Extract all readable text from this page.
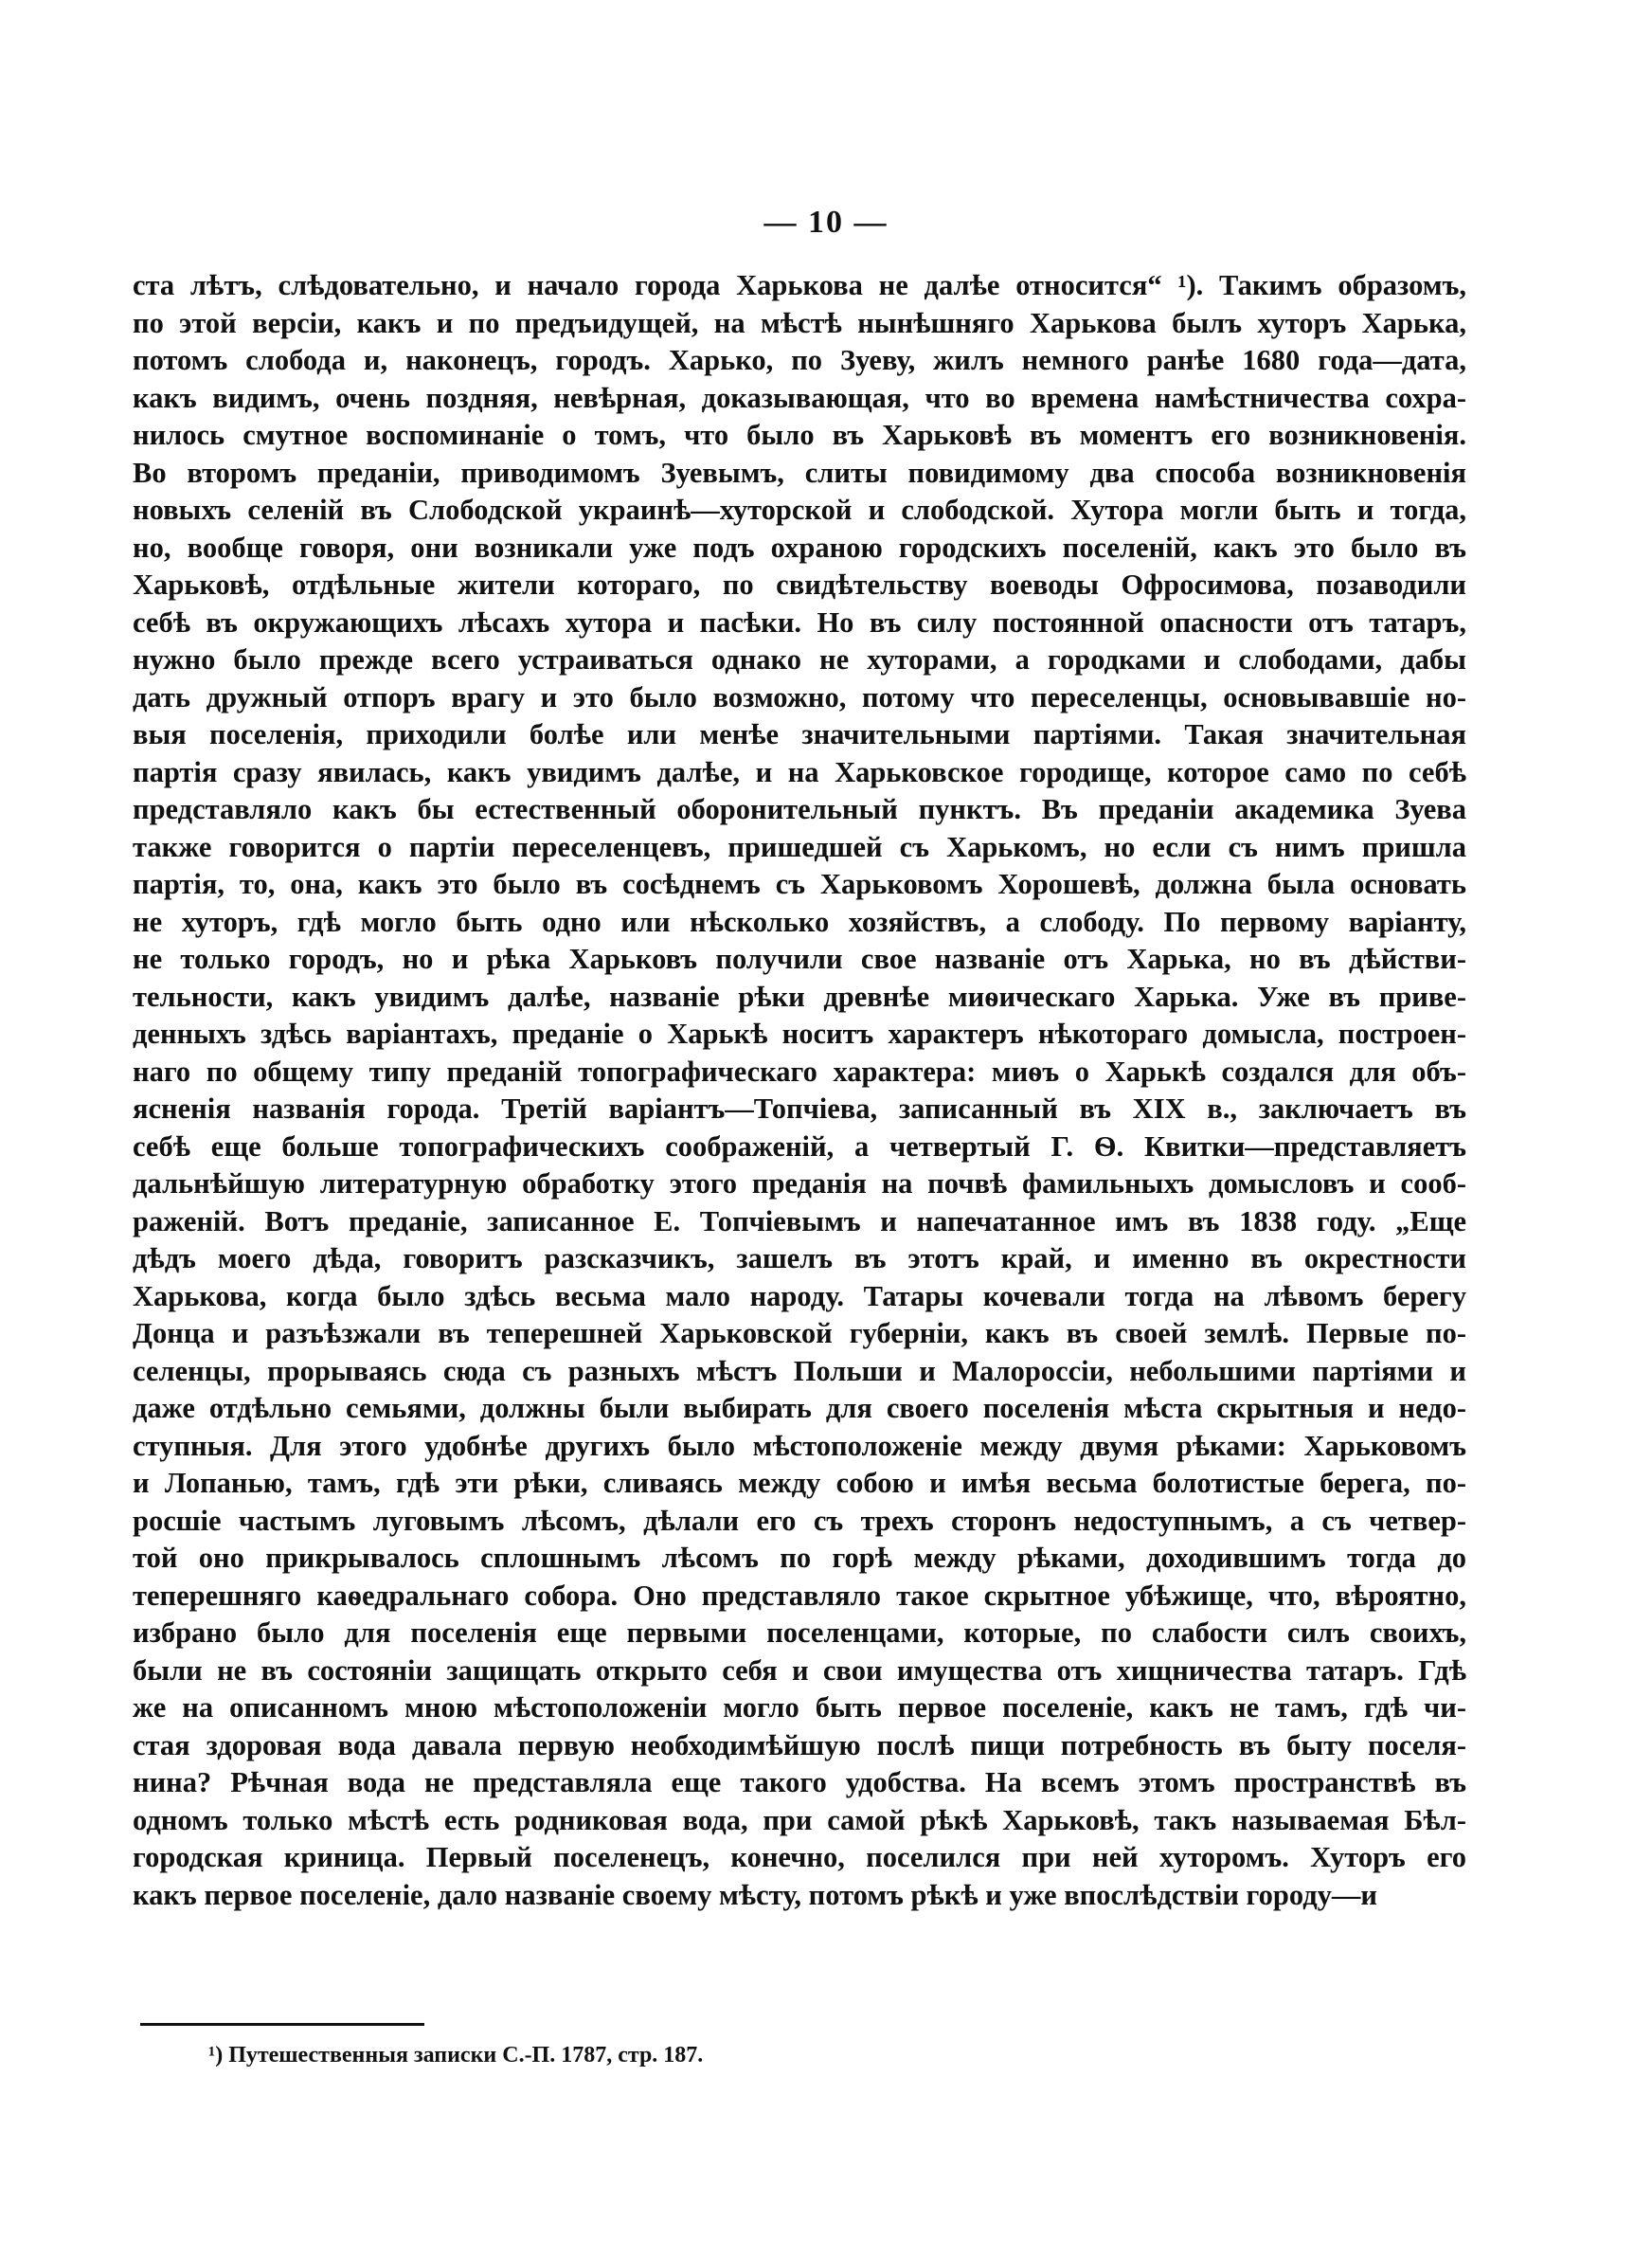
— 10 —
ста лѣтъ, слѣдовательно, и начало города Харькова не далѣе относится“ ¹). Такимъ образомъ,
по этой версіи, какъ и по предъидущей, на мѣстѣ нынѣшняго Харькова былъ хуторъ Харька,
потомъ слобода и, наконецъ, городъ. Харько, по Зуеву, жилъ немного ранѣе 1680 года—дата,
какъ видимъ, очень поздняя, невѣрная, доказывающая, что во времена намѣстничества сохра-
нилось смутное воспоминаніе о томъ, что было въ Харьковѣ въ моментъ его возникновенія.
Во второмъ преданіи, приводимомъ Зуевымъ, слиты повидимому два способа возникновенія
новыхъ селеній въ Слободской украинѣ—хуторской и слободской. Хутора могли быть и тогда,
но, вообще говоря, они возникали уже подъ охраною городскихъ поселеній, какъ это было въ
Харьковѣ, отдѣльные жители котораго, по свидѣтельству воеводы Офросимова, позаводили
себѣ въ окружающихъ лѣсахъ хутора и пасѣки. Но въ силу постоянной опасности отъ татаръ,
нужно было прежде всего устраиваться однако не хуторами, а городками и слободами, дабы
дать дружный отпоръ врагу и это было возможно, потому что переселенцы, основывавшіе но-
выя поселенія, приходили болѣе или менѣе значительными партіями. Такая значительная
партія сразу явилась, какъ увидимъ далѣе, и на Харьковское городище, которое само по себѣ
представляло какъ бы естественный оборонительный пунктъ. Въ преданіи академика Зуева
также говорится о партіи переселенцевъ, пришедшей съ Харькомъ, но если съ нимъ пришла
партія, то, она, какъ это было въ сосѣднемъ съ Харьковомъ Хорошевѣ, должна была основать
не хуторъ, гдѣ могло быть одно или нѣсколько хозяйствъ, а слободу. По первому варіанту,
не только городъ, но и рѣка Харьковъ получили свое названіе отъ Харька, но въ дѣйстви-
тельности, какъ увидимъ далѣе, названіе рѣки древнѣе миѳическаго Харька. Уже въ приве-
денныхъ здѣсь варіантахъ, преданіе о Харькѣ носитъ характеръ нѣкотораго домысла, построен-
наго по общему типу преданій топографическаго характера: миѳъ о Харькѣ создался для объ-
ясненія названія города. Третій варіантъ—Топчіева, записанный въ XIX в., заключаетъ въ
себѣ еще больше топографическихъ соображеній, а четвертый Г. Ѳ. Квитки—представляетъ
дальнѣйшую литературную обработку этого преданія на почвѣ фамильныхъ домысловъ и сооб-
раженій. Вотъ преданіе, записанное Е. Топчіевымъ и напечатанное имъ въ 1838 году. „Еще
дѣдъ моего дѣда, говоритъ разсказчикъ, зашелъ въ этотъ край, и именно въ окрестности
Харькова, когда было здѣсь весьма мало народу. Татары кочевали тогда на лѣвомъ берегу
Донца и разъѣзжали въ теперешней Харьковской губерніи, какъ въ своей землѣ. Первые по-
селенцы, прорываясь сюда съ разныхъ мѣстъ Польши и Малороссіи, небольшими партіями и
даже отдѣльно семьями, должны были выбирать для своего поселенія мѣста скрытныя и недо-
ступныя. Для этого удобнѣе другихъ было мѣстоположеніе между двумя рѣками: Харьковомъ
и Лопанью, тамъ, гдѣ эти рѣки, сливаясь между собою и имѣя весьма болотистые берега, по-
росшіе частымъ луговымъ лѣсомъ, дѣлали его съ трехъ сторонъ недоступнымъ, а съ четвер-
той оно прикрывалось сплошнымъ лѣсомъ по горѣ между рѣками, доходившимъ тогда до
теперешняго каѳедральнаго собора. Оно представляло такое скрытное убѣжище, что, вѣроятно,
избрано было для поселенія еще первыми поселенцами, которые, по слабости силъ своихъ,
были не въ состояніи защищать открыто себя и свои имущества отъ хищничества татаръ. Гдѣ
же на описанномъ мною мѣстоположеніи могло быть первое поселеніе, какъ не тамъ, гдѣ чи-
стая здоровая вода давала первую необходимѣйшую послѣ пищи потребность въ быту поселя-
нина? Рѣчная вода не представляла еще такого удобства. На всемъ этомъ пространствѣ въ
одномъ только мѣстѣ есть родниковая вода, при самой рѣкѣ Харьковѣ, такъ называемая Бѣл-
городская криница. Первый поселенецъ, конечно, поселился при ней хуторомъ. Хуторъ его
какъ первое поселеніе, дало названіе своему мѣсту, потомъ рѣкѣ и уже впослѣдствіи городу—и
¹) Путешественныя записки С.-П. 1787, стр. 187.
